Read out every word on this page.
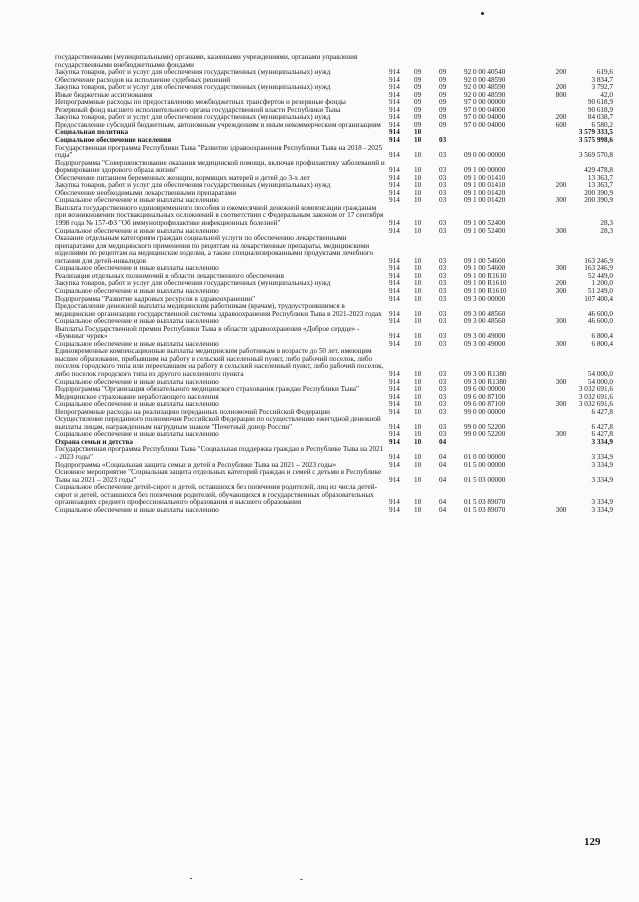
государственными (муниципальными) органами, казенными учреждениями, органами управления государственными внебюджетными фондами						
Закупка товаров, работ и услуг для обеспечения государственных (муниципальных) нужд	914	09	09	92 0 00 40540	200	619,6
Обеспечение расходов на исполнение судебных решений	914	09	09	92 0 00 48590		3 834,7
Закупка товаров, работ и услуг для обеспечения государственных (муниципальных) нужд	914	09	09	92 0 00 48590	200	3 792,7
Иные бюджетные ассигнования	914	09	09	92 0 00 48590	800	42,0
Непрограммные расходы по предоставлению межбюджетных трансфертов и резервные фонды	914	09	09	97 0 00 00000		90 618,9
Резервный фонд высшего исполнительного органа государственной власти Республики Тыва	914	09	09	97 0 00 04000		90 618,9
Закупка товаров, работ и услуг для обеспечения государственных (муниципальных) нужд	914	09	09	97 0 00 04000	200	84 038,7
Предоставление субсидий бюджетным, автономным учреждениям и иным некоммерческим организациям	914	09	09	97 0 00 04000	600	6 580,2
Социальная политика	914	10				3 579 333,5
Социальное обеспечение населения	914	10	03			3 575 998,6
Государственная программа Республики Тыва "Развитие здравоохранения Республики Тыва на 2018 - 2025 годы"	914	10	03	09 0 00 00000		3 569 570,8
Подпрограмма "Совершенствование оказания медицинской помощи, включая профилактику заболеваний и формирование здорового образа жизни"	914	10	03	09 1 00 00000		429 478,8
Обеспечение питанием беременных женщин, кормящих матерей и детей до 3-х лет	914	10	03	09 1 00 01410		13 363,7
Закупка товаров, работ и услуг для обеспечения государственных (муниципальных) нужд	914	10	03	09 1 00 01410	200	13 363,7
Обеспечение необходимыми лекарственными препаратами	914	10	03	09 1 00 01420		200 390,9
Социальное обеспечение и иные выплаты населению	914	10	03	09 1 00 01420	300	200 390,9
Выплата государственного единовременного пособия и ежемесячной денежной компенсации гражданам при возникновении поствакцинальных осложнений в соответствии с Федеральным законом от 17 сентября 1998 года № 157-ФЗ "Об иммунопрофилактике инфекционных болезней"	914	10	03	09 1 00 52400		28,3
Социальное обеспечение и иные выплаты населению	914	10	03	09 1 00 52400	300	28,3
Оказание отдельным категориям граждан социальной услуги по обеспечению лекарственными препаратами для медицинского применения по рецептам на лекарственные препараты, медицинскими изделиями по рецептам на медицинские изделия, а также специализированными продуктами лечебного питания для детей-инвалидов	914	10	03	09 1 00 54600		163 246,9
Социальное обеспечение и иные выплаты населению	914	10	03	09 1 00 54600	300	163 246,9
Реализация отдельных полномочий в области лекарственного обеспечения	914	10	03	09 1 00 R1610		52 449,0
Закупка товаров, работ и услуг для обеспечения государственных (муниципальных) нужд	914	10	03	09 1 00 R1610	200	1 200,0
Социальное обеспечение и иные выплаты населению	914	10	03	09 1 00 R1610	300	51 249,0
Подпрограмма "Развитие кадровых ресурсов в здравоохранении"	914	10	03	09 3 00 00000		107 400,4
Предоставление денежной выплаты медицинским работникам (врачам), трудоустроившимся в медицинские организации государственной системы здравоохранения Республики Тыва в 2021-2023 годах	914	10	03	09 3 00 48560		46 600,0
Социальное обеспечение и иные выплаты населению	914	10	03	09 3 00 48560	300	46 600,0
Выплаты Государственной премии Республики Тыва в области здравоохранения «Доброе сердце» - «Буянныг чурек»	914	10	03	09 3 00 49000		6 800,4
Социальное обеспечение и иные выплаты населению	914	10	03	09 3 00 49000	300	6 800,4
Единовременные компенсационные выплаты медицинским работникам в возрасте до 50 лет, имеющим высшее образование, прибывшим на работу в сельский населенный пункт, либо рабочий поселок, либо поселок городского типа или переехавшим на работу в сельский населенный пункт, либо рабочий поселок, либо поселок городского типа из другого населенного пункта	914	10	03	09 3 00 R1380		54 000,0
Социальное обеспечение и иные выплаты населению	914	10	03	09 3 00 R1380	300	54 000,0
Подпрограмма "Организация обязательного медицинского страхования граждан Республики Тыва"	914	10	03	09 6 00 00000		3 032 691,6
Медицинское страхование неработающего населения	914	10	03	09 6 00 87100		3 032 691,6
Социальное обеспечение и иные выплаты населению	914	10	03	09 6 00 87100	300	3 032 691,6
Непрограммные расходы на реализацию переданных полномочий Российской Федерации	914	10	03	99 0 00 00000		6 427,8
Осуществление переданного полномочия Российской Федерации по осуществлению ежегодной денежной выплаты лицам, награжденным нагрудным знаком "Почетный донор России"	914	10	03	99 0 00 52200		6 427,8
Социальное обеспечение и иные выплаты населению	914	10	03	99 0 00 52200	300	6 427,8
Охрана семьи и детства	914	10	04			3 334,9
Государственная программа Республики Тыва "Социальная поддержка граждан в Республике Тыва на 2021 - 2023 годы"	914	10	04	01 0 00 00000		3 334,9
Подпрограмма «Социальная защита семьи и детей в Республике Тыва на 2021 – 2023 годы»	914	10	04	01 5 00 00000		3 334,9
Основное мероприятие "Социальная защита отдельных категорий граждан и семей с детьми в Республике Тыва на 2021 – 2023 годы"	914	10	04	01 5 03 00000		3 334,9
Социальное обеспечение детей-сирот и детей, оставшихся без попечения родителей, лиц из числа детей-сирот и детей, оставшихся без попечения родителей, обучающихся в государственных образовательных организациях среднего профессионального образования и высшего образования	914	10	04	01 5 03 89070		3 334,9
Социальное обеспечение и иные выплаты населению	914	10	04	01 5 03 89070	300	3 334,9
129
